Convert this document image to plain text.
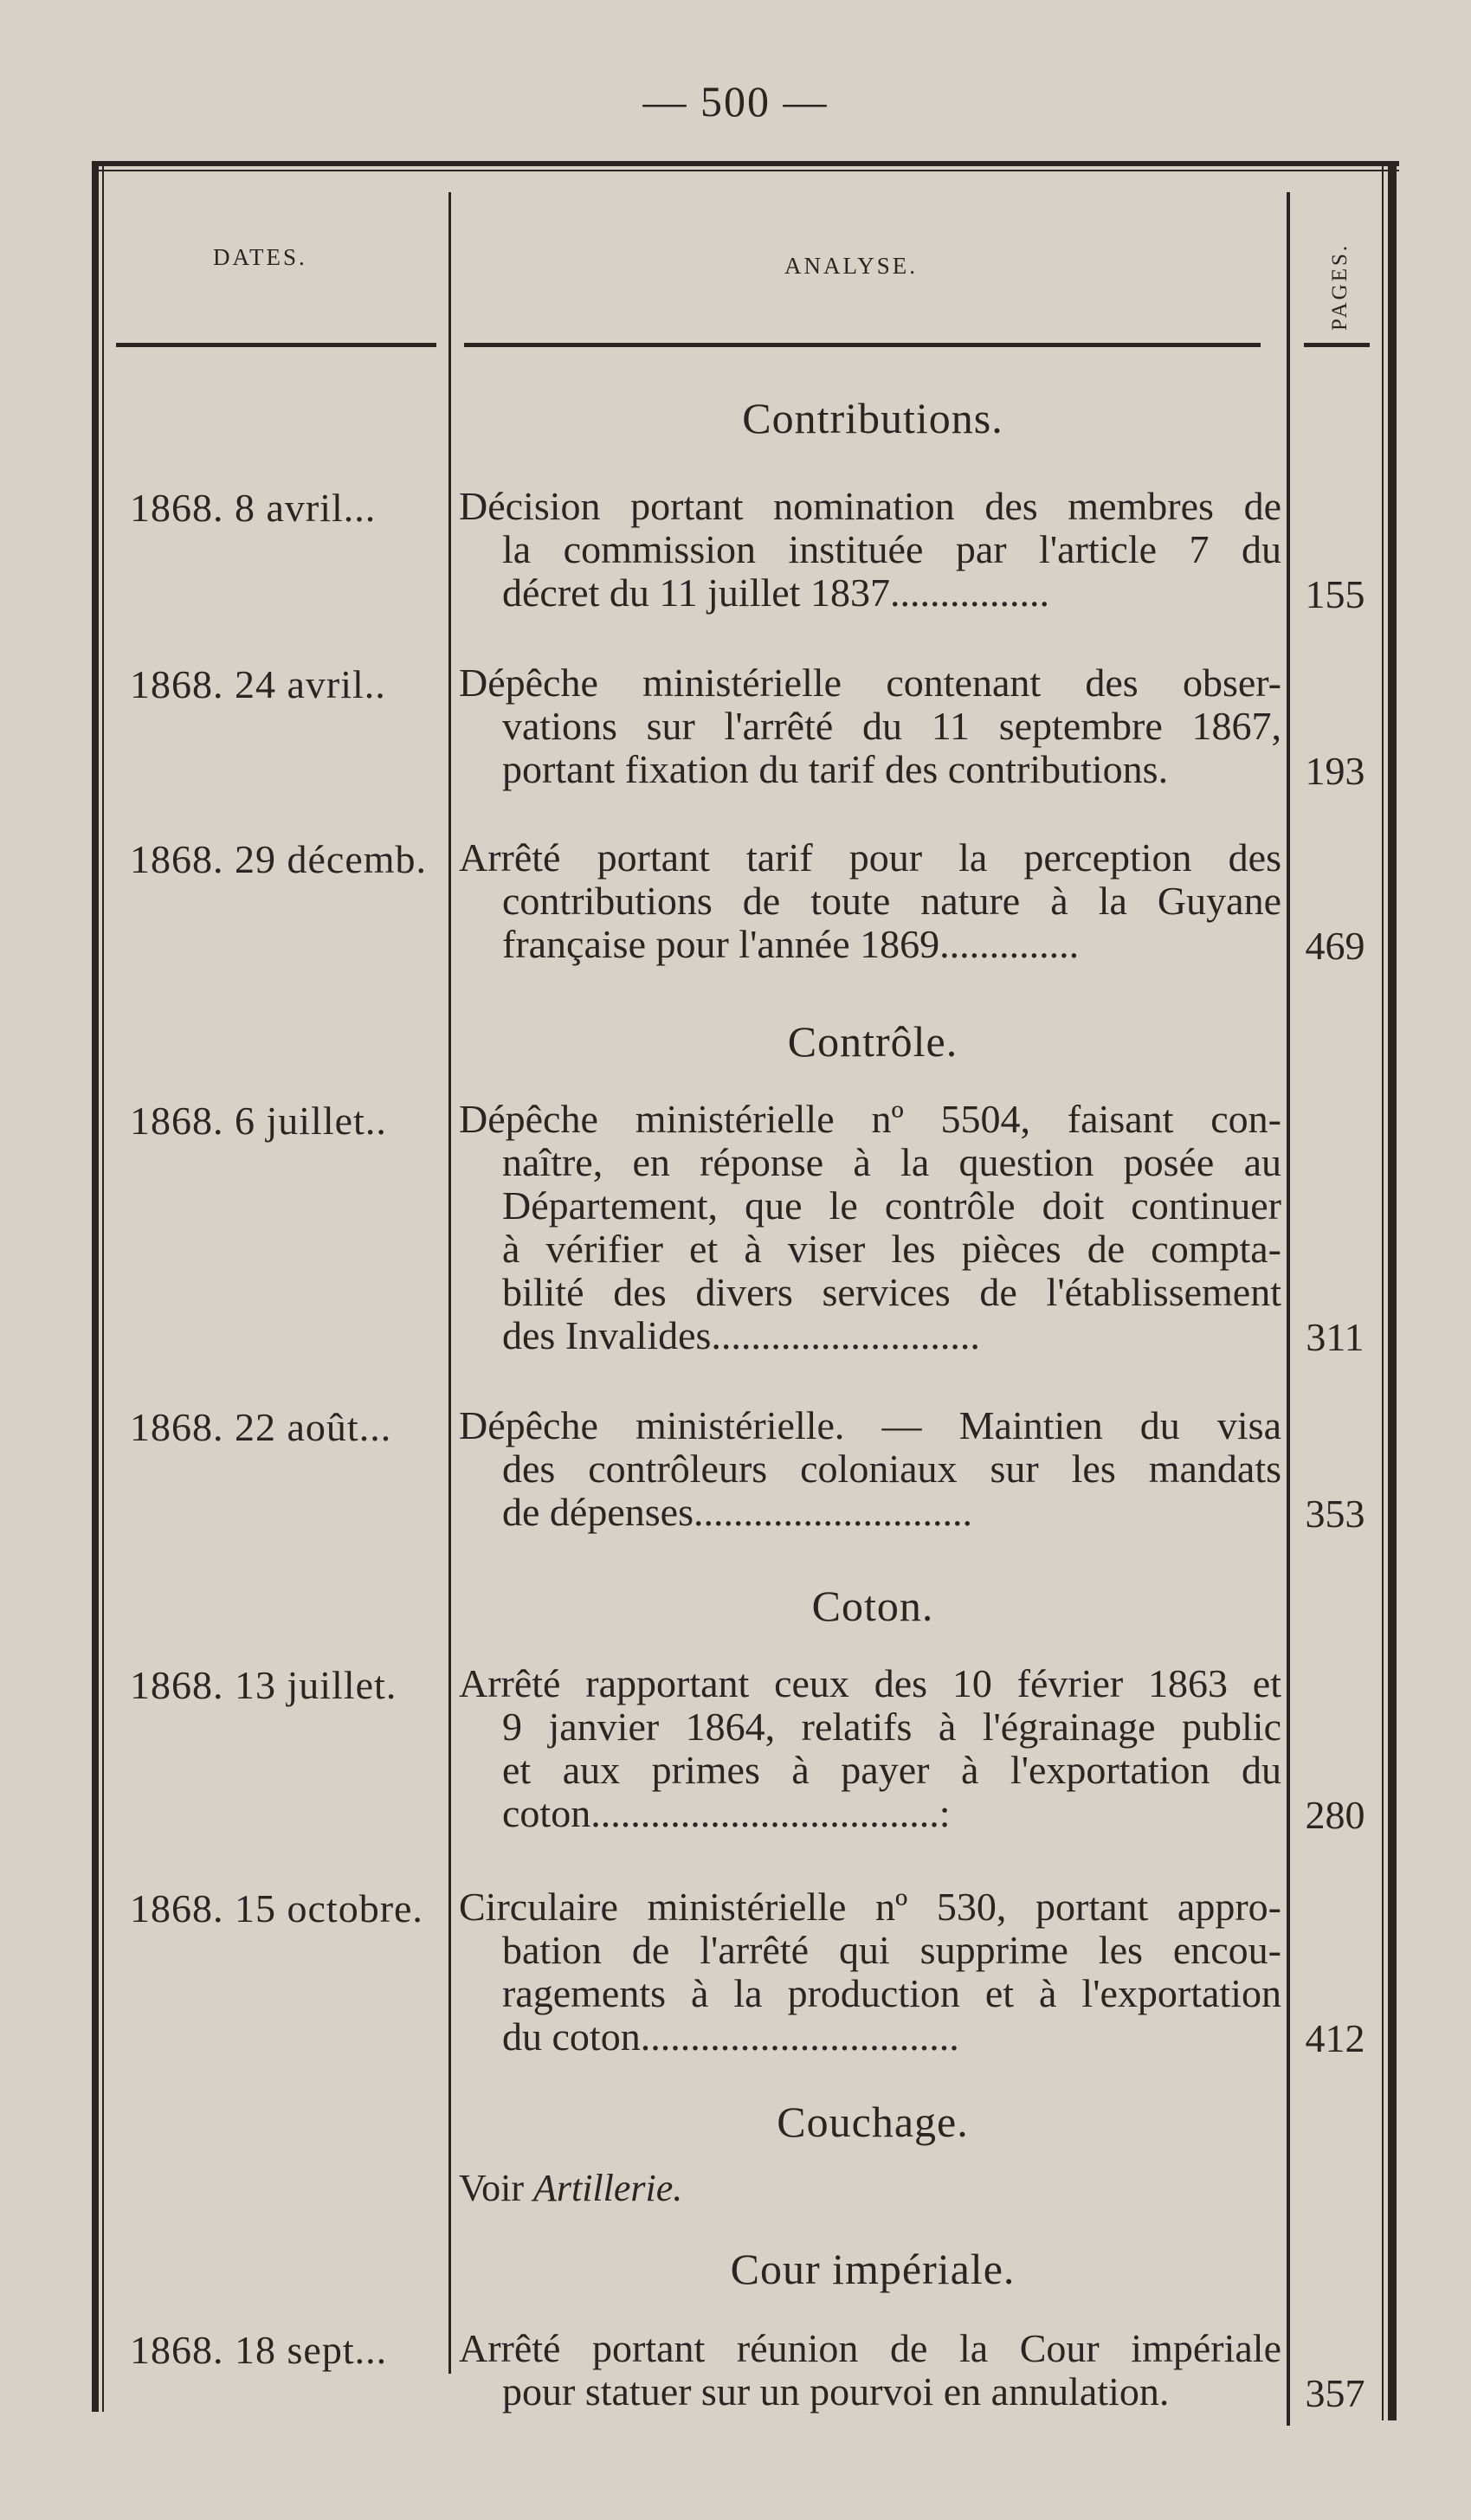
— 500 —
DATES.	ANALYSE.	PAGES.
Contributions.
1868. 8 avril... Décision portant nomination des membres de
la commission instituée par l'article 7 du
décret du 11 juillet 1837................	155
1868. 24 avril.. Dépêche ministérielle contenant des obser-
vations sur l'arrêté du 11 septembre 1867,
portant fixation du tarif des contributions.	193
1868. 29 décemb. Arrêté portant tarif pour la perception des
contributions de toute nature à la Guyane
française pour l'année 1869..............	469
Contrôle.
1868. 6 juillet.. Dépêche ministérielle nº 5504, faisant con-
naître, en réponse à la question posée au
Département, que le contrôle doit continuer
à vérifier et à viser les pièces de compta-
bilité des divers services de l'établissement
des Invalides...........................	311
1868. 22 août... Dépêche ministérielle. — Maintien du visa
des contrôleurs coloniaux sur les mandats
de dépenses............................	353
Coton.
1868. 13 juillet. Arrêté rapportant ceux des 10 février 1863 et
9 janvier 1864, relatifs à l'égrainage public
et aux primes à payer à l'exportation du
coton...................................:	280
1868. 15 octobre. Circulaire ministérielle nº 530, portant appro-
bation de l'arrêté qui supprime les encou-
ragements à la production et à l'exportation
du coton................................	412
Couchage.
Voir Artillerie.
Cour impériale.
1868. 18 sept... Arrêté portant réunion de la Cour impériale
pour statuer sur un pourvoi en annulation.	357
